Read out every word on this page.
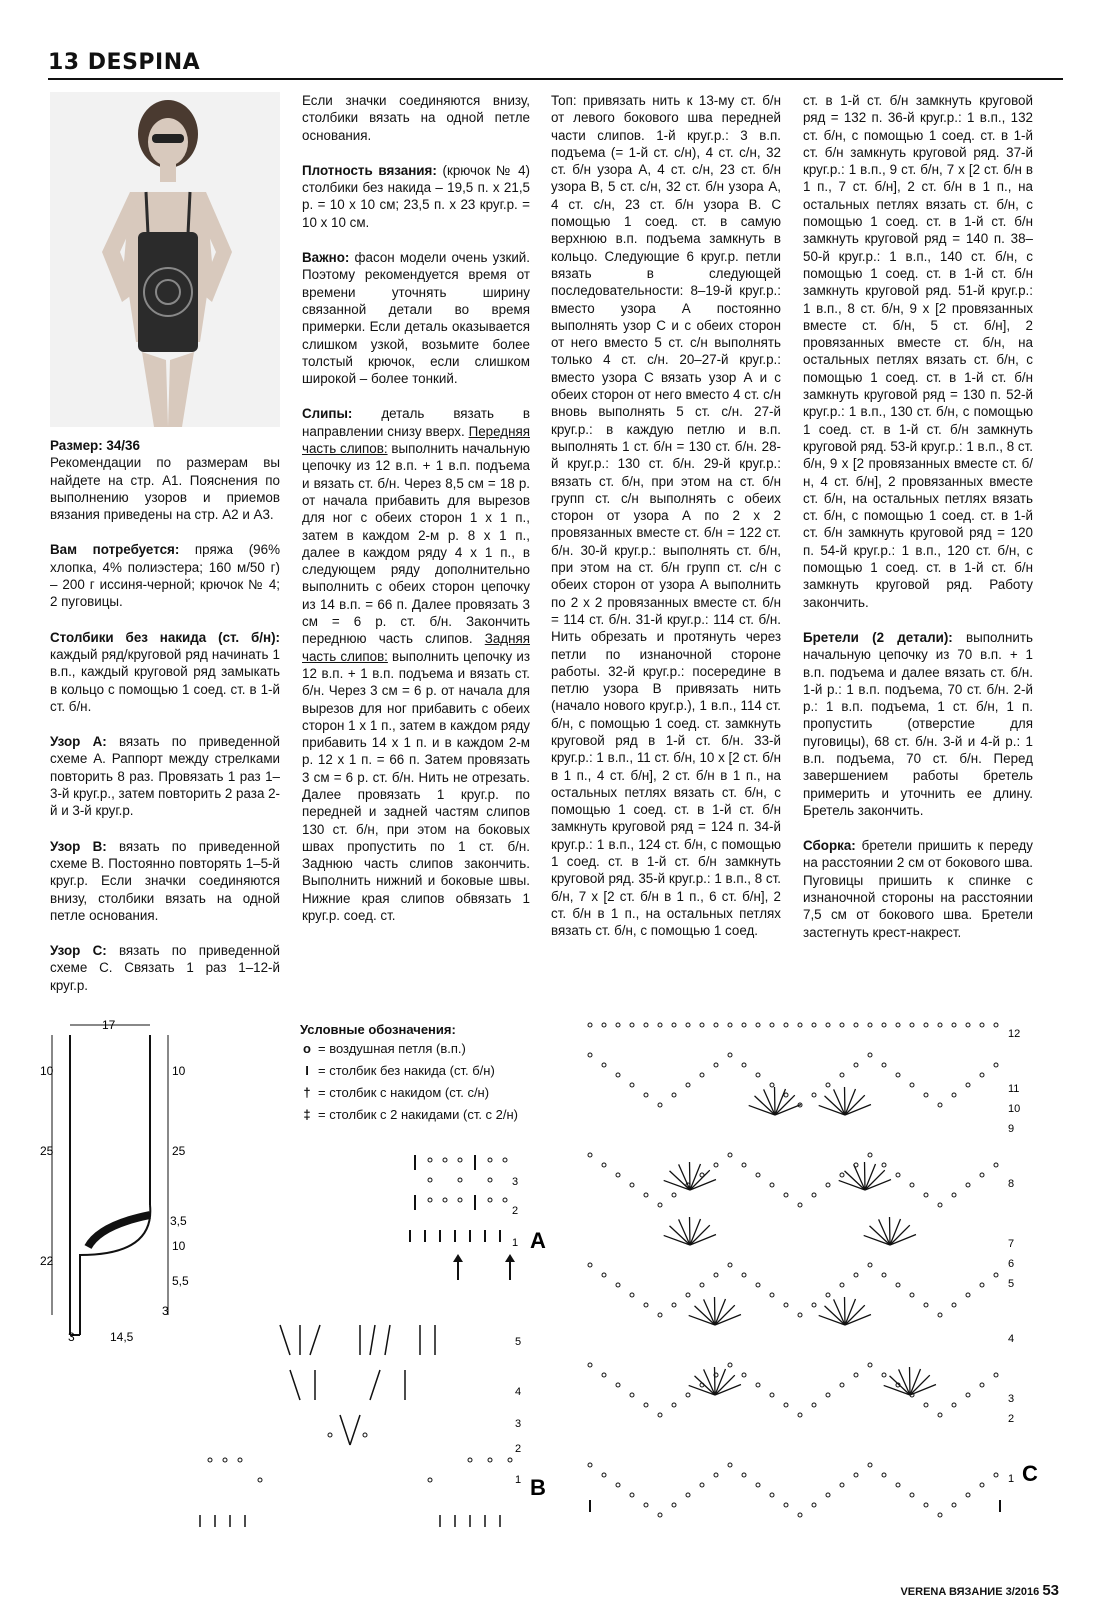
13 DESPINA

Размер: 34/36
Рекомендации по размерам вы найдете на стр. А1. Пояснения по выполнению узоров и приемов вязания приведены на стр. А2 и А3.

Вам потребуется: пряжа (96% хлопка, 4% полиэстера; 160 м/50 г) – 200 г иссиня-черной; крючок № 4; 2 пуговицы.

Столбики без накида (ст. б/н): каждый ряд/круговой ряд начинать 1 в.п., каждый круговой ряд замыкать в кольцо с помощью 1 соед. ст. в 1-й ст. б/н.

Узор A: вязать по приведенной схеме А. Раппорт между стрелками повторить 8 раз. Провязать 1 раз 1–3-й круг.р., затем повторить 2 раза 2-й и 3-й круг.р.

Узор B: вязать по приведенной схеме В. Постоянно повторять 1–5-й круг.р. Если значки соединяются внизу, столбики вязать на одной петле основания.

Узор C: вязать по приведенной схеме С. Связать 1 раз 1–12-й круг.р.

Если значки соединяются внизу, столбики вязать на одной петле основания.

Плотность вязания: (крючок № 4) столбики без накида – 19,5 п. х 21,5 р. = 10 х 10 см; 23,5 п. х 23 круг.р. = 10 х 10 см.

Важно: фасон модели очень узкий. Поэтому рекомендуется время от времени уточнять ширину связанной детали во время примерки. Если деталь оказывается слишком узкой, возьмите более толстый крючок, если слишком широкой – более тонкий.

Слипы: деталь вязать в направлении снизу вверх. Передняя часть слипов: выполнить начальную цепочку из 12 в.п. + 1 в.п. подъема и вязать ст. б/н. Через 8,5 см = 18 р. от начала прибавить для вырезов для ног с обеих сторон 1 х 1 п., затем в каждом 2-м р. 8 х 1 п., далее в каждом ряду 4 х 1 п., в следующем ряду дополнительно выполнить с обеих сторон цепочку из 14 в.п. = 66 п. Далее провязать 3 см = 6 р. ст. б/н. Закончить переднюю часть слипов. Задняя часть слипов: выполнить цепочку из 12 в.п. + 1 в.п. подъема и вязать ст. б/н. Через 3 см = 6 р. от начала для вырезов для ног прибавить с обеих сторон 1 х 1 п., затем в каждом ряду прибавить 14 х 1 п. и в каждом 2-м р. 12 х 1 п. = 66 п. Затем провязать 3 см = 6 р. ст. б/н. Нить не отрезать. Далее провязать 1 круг.р. по передней и задней частям слипов 130 ст. б/н, при этом на боковых швах пропустить по 1 ст. б/н. Заднюю часть слипов закончить. Выполнить нижний и боковые швы. Нижние края слипов обвязать 1 круг.р. соед. ст.

Топ: привязать нить к 13-му ст. б/н от левого бокового шва передней части слипов. 1-й круг.р.: 3 в.п. подъема (= 1-й ст. с/н), 4 ст. с/н, 32 ст. б/н узора А, 4 ст. с/н, 23 ст. б/н узора В, 5 ст. с/н, 32 ст. б/н узора А, 4 ст. с/н, 23 ст. б/н узора В. С помощью 1 соед. ст. в самую верхнюю в.п. подъема замкнуть в кольцо. Следующие 6 круг.р. петли вязать в следующей последовательности: 8–19-й круг.р.: вместо узора А постоянно выполнять узор С и с обеих сторон от него вместо 5 ст. с/н выполнять только 4 ст. с/н. 20–27-й круг.р.: вместо узора С вязать узор А и с обеих сторон от него вместо 4 ст. с/н вновь выполнять 5 ст. с/н. 27-й круг.р.: в каждую петлю и в.п. выполнять 1 ст. б/н = 130 ст. б/н. 28-й круг.р.: 130 ст. б/н. 29-й круг.р.: вязать ст. б/н, при этом на ст. б/н групп ст. с/н выполнять с обеих сторон от узора А по 2 х 2 провязанных вместе ст. б/н = 122 ст. б/н. 30-й круг.р.: выполнять ст. б/н, при этом на ст. б/н групп ст. с/н с обеих сторон от узора А выполнить по 2 х 2 провязанных вместе ст. б/н = 114 ст. б/н. 31-й круг.р.: 114 ст. б/н. Нить обрезать и протянуть через петли по изнаночной стороне работы. 32-й круг.р.: посередине в петлю узора В привязать нить (начало нового круг.р.), 1 в.п., 114 ст. б/н, с помощью 1 соед. ст. замкнуть круговой ряд в 1-й ст. б/н. 33-й круг.р.: 1 в.п., 11 ст. б/н, 10 х [2 ст. б/н в 1 п., 4 ст. б/н], 2 ст. б/н в 1 п., на остальных петлях вязать ст. б/н, с помощью 1 соед. ст. в 1-й ст. б/н замкнуть круговой ряд = 124 п. 34-й круг.р.: 1 в.п., 124 ст. б/н, с помощью 1 соед. ст. в 1-й ст. б/н замкнуть круговой ряд. 35-й круг.р.: 1 в.п., 8 ст. б/н, 7 х [2 ст. б/н в 1 п., 6 ст. б/н], 2 ст. б/н в 1 п., на остальных петлях вязать ст. б/н, с помощью 1 соед.

ст. в 1-й ст. б/н замкнуть круговой ряд = 132 п. 36-й круг.р.: 1 в.п., 132 ст. б/н, с помощью 1 соед. ст. в 1-й ст. б/н замкнуть круговой ряд. 37-й круг.р.: 1 в.п., 9 ст. б/н, 7 х [2 ст. б/н в 1 п., 7 ст. б/н], 2 ст. б/н в 1 п., на остальных петлях вязать ст. б/н, с помощью 1 соед. ст. в 1-й ст. б/н замкнуть круговой ряд = 140 п. 38–50-й круг.р.: 1 в.п., 140 ст. б/н, с помощью 1 соед. ст. в 1-й ст. б/н замкнуть круговой ряд. 51-й круг.р.: 1 в.п., 8 ст. б/н, 9 х [2 провязанных вместе ст. б/н, 5 ст. б/н], 2 провязанных вместе ст. б/н, на остальных петлях вязать ст. б/н, с помощью 1 соед. ст. в 1-й ст. б/н замкнуть круговой ряд = 130 п. 52-й круг.р.: 1 в.п., 130 ст. б/н, с помощью 1 соед. ст. в 1-й ст. б/н замкнуть круговой ряд. 53-й круг.р.: 1 в.п., 8 ст. б/н, 9 х [2 провязанных вместе ст. б/н, 4 ст. б/н], 2 провязанных вместе ст. б/н, на остальных петлях вязать ст. б/н, с помощью 1 соед. ст. в 1-й ст. б/н замкнуть круговой ряд = 120 п. 54-й круг.р.: 1 в.п., 120 ст. б/н, с помощью 1 соед. ст. в 1-й ст. б/н замкнуть круговой ряд. Работу закончить.

Бретели (2 детали): выполнить начальную цепочку из 70 в.п. + 1 в.п. подъема и далее вязать ст. б/н. 1-й р.: 1 в.п. подъема, 70 ст. б/н. 2-й р.: 1 в.п. подъема, 1 ст. б/н, 1 п. пропустить (отверстие для пуговицы), 68 ст. б/н. 3-й и 4-й р.: 1 в.п. подъема, 70 ст. б/н. Перед завершением работы бретель примерить и уточнить ее длину. Бретель закончить.

Сборка: бретели пришить к переду на расстоянии 2 см от бокового шва. Пуговицы пришить к спинке с изнаночной стороны на расстоянии 7,5 см от бокового шва. Бретели застегнуть крест-накрест.

Условные обозначения:
o = воздушная петля (в.п.)
I = столбик без накида (ст. б/н)
† = столбик с накидом (ст. с/н)
‡ = столбик с 2 накидами (ст. с 2/н)
17
10
25
22
10
25
3,5
10
5,5
3
3	14,5
3
2
1 A
5
4
3
2
1 B
12
11
10
9
8
7
6
5
4
3
2
1 C
VERENA ВЯЗАНИЕ 3/2016 53
